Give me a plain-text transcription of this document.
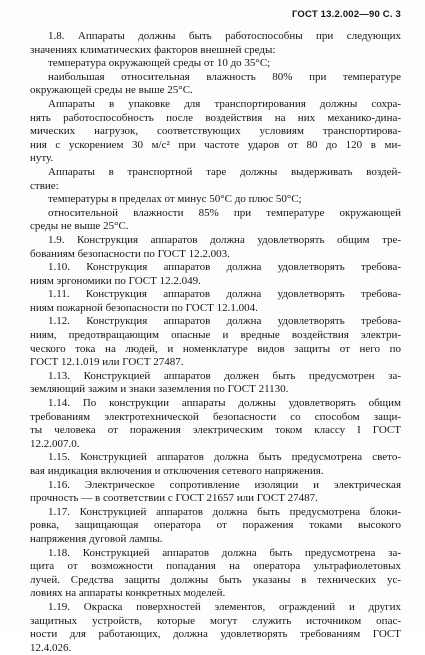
ГОСТ 13.2.002—90 С. 3
1.8. Аппараты должны быть работоспособны при следующих
значениях климатических факторов внешней среды:
температура окружающей среды от 10 до 35°С;
наибольшая относительная влажность 80% при температуре
окружающей среды не выше 25°С.
Аппараты в упаковке для транспортирования должны сохра-
нять работоспособность после воздействия на них механико-дина-
мических нагрузок, соответствующих условиям транспортирова-
ния с ускорением 30 м/с² при частоте ударов от 80 до 120 в ми-
нуту.
Аппараты в транспортной таре должны выдерживать воздей-
ствие:
температуры в пределах от минус 50°С до плюс 50°С;
относительной влажности 85% при температуре окружающей
среды не выше 25°С.
1.9. Конструкция аппаратов должна удовлетворять общим тре-
бованиям безопасности по ГОСТ 12.2.003.
1.10. Конструкция аппаратов должна удовлетворять требова-
ниям эргономики по ГОСТ 12.2.049.
1.11. Конструкция аппаратов должна удовлетворять требова-
ниям пожарной безопасности по ГОСТ 12.1.004.
1.12. Конструкция аппаратов должна удовлетворять требова-
ниям, предотвращающим опасные и вредные воздействия электри-
ческого тока на людей, и номенклатуре видов защиты от него по
ГОСТ 12.1.019 или ГОСТ 27487.
1.13. Конструкцией аппаратов должен быть предусмотрен за-
земляющий зажим и знаки заземления по ГОСТ 21130.
1.14. По конструкции аппараты должны удовлетворять общим
требованиям электротехнической безопасности со способом защи-
ты человека от поражения электрическим током классу I ГОСТ
12.2.007.0.
1.15. Конструкцией аппаратов должна быть предусмотрена свето-
вая индикация включения и отключения сетевого напряжения.
1.16. Электрическое сопротивление изоляции и электрическая
прочность — в соответствии с ГОСТ 21657 или ГОСТ 27487.
1.17. Конструкцией аппаратов должна быть предусмотрена блоки-
ровка, защищающая оператора от поражения токами высокого
напряжения дуговой лампы.
1.18. Конструкцией аппаратов должна быть предусмотрена за-
щита от возможности попадания на оператора ультрафиолетовых
лучей. Средства защиты должны быть указаны в технических ус-
ловиях на аппараты конкретных моделей.
1.19. Окраска поверхностей элементов, ограждений и других
защитных устройств, которые могут служить источником опас-
ности для работающих, должна удовлетворять требованиям ГОСТ
12.4.026.
